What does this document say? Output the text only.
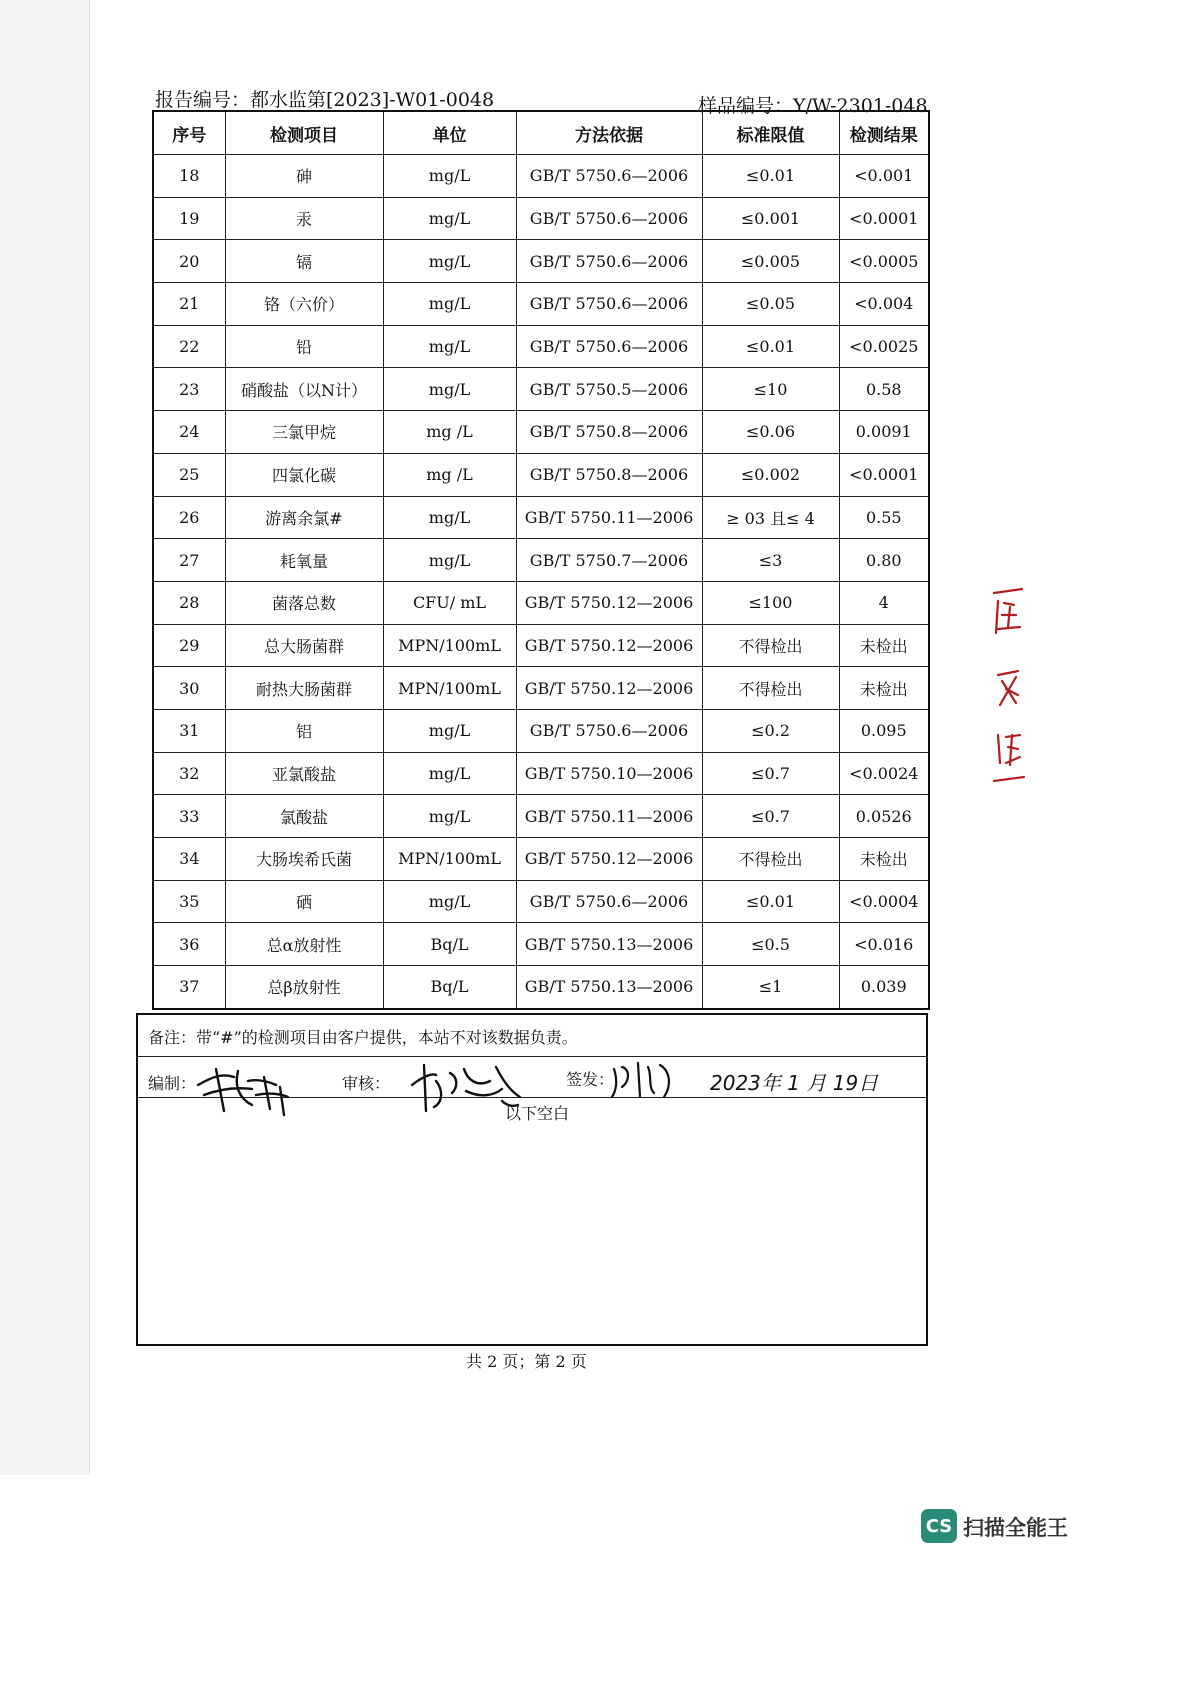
报告编号：都水监第[2023]-W01-0048	样品编号：Y/W-2301-048
序号	检测项目	单位	方法依据	标准限值	检测结果
18	砷	mg/L	GB/T 5750.6—2006	≤0.01	<0.001
19	汞	mg/L	GB/T 5750.6—2006	≤0.001	<0.0001
20	镉	mg/L	GB/T 5750.6—2006	≤0.005	<0.0005
21	铬（六价）	mg/L	GB/T 5750.6—2006	≤0.05	<0.004
22	铅	mg/L	GB/T 5750.6—2006	≤0.01	<0.0025
23	硝酸盐（以N计）	mg/L	GB/T 5750.5—2006	≤10	0.58
24	三氯甲烷	mg /L	GB/T 5750.8—2006	≤0.06	0.0091
25	四氯化碳	mg /L	GB/T 5750.8—2006	≤0.002	<0.0001
26	游离余氯#	mg/L	GB/T 5750.11—2006	≥ 03 且≤ 4	0.55
27	耗氧量	mg/L	GB/T 5750.7—2006	≤3	0.80
28	菌落总数	CFU/ mL	GB/T 5750.12—2006	≤100	4
29	总大肠菌群	MPN/100mL	GB/T 5750.12—2006	不得检出	未检出
30	耐热大肠菌群	MPN/100mL	GB/T 5750.12—2006	不得检出	未检出
31	铝	mg/L	GB/T 5750.6—2006	≤0.2	0.095
32	亚氯酸盐	mg/L	GB/T 5750.10—2006	≤0.7	<0.0024
33	氯酸盐	mg/L	GB/T 5750.11—2006	≤0.7	0.0526
34	大肠埃希氏菌	MPN/100mL	GB/T 5750.12—2006	不得检出	未检出
35	硒	mg/L	GB/T 5750.6—2006	≤0.01	<0.0004
36	总α放射性	Bq/L	GB/T 5750.13—2006	≤0.5	<0.016
37	总β放射性	Bq/L	GB/T 5750.13—2006	≤1	0.039
备注：带“#”的检测项目由客户提供，本站不对该数据负责。
编制：	审核：	签发：	2023年 1 月 19日
以下空白
共 2 页；第 2 页
CS 扫描全能王
